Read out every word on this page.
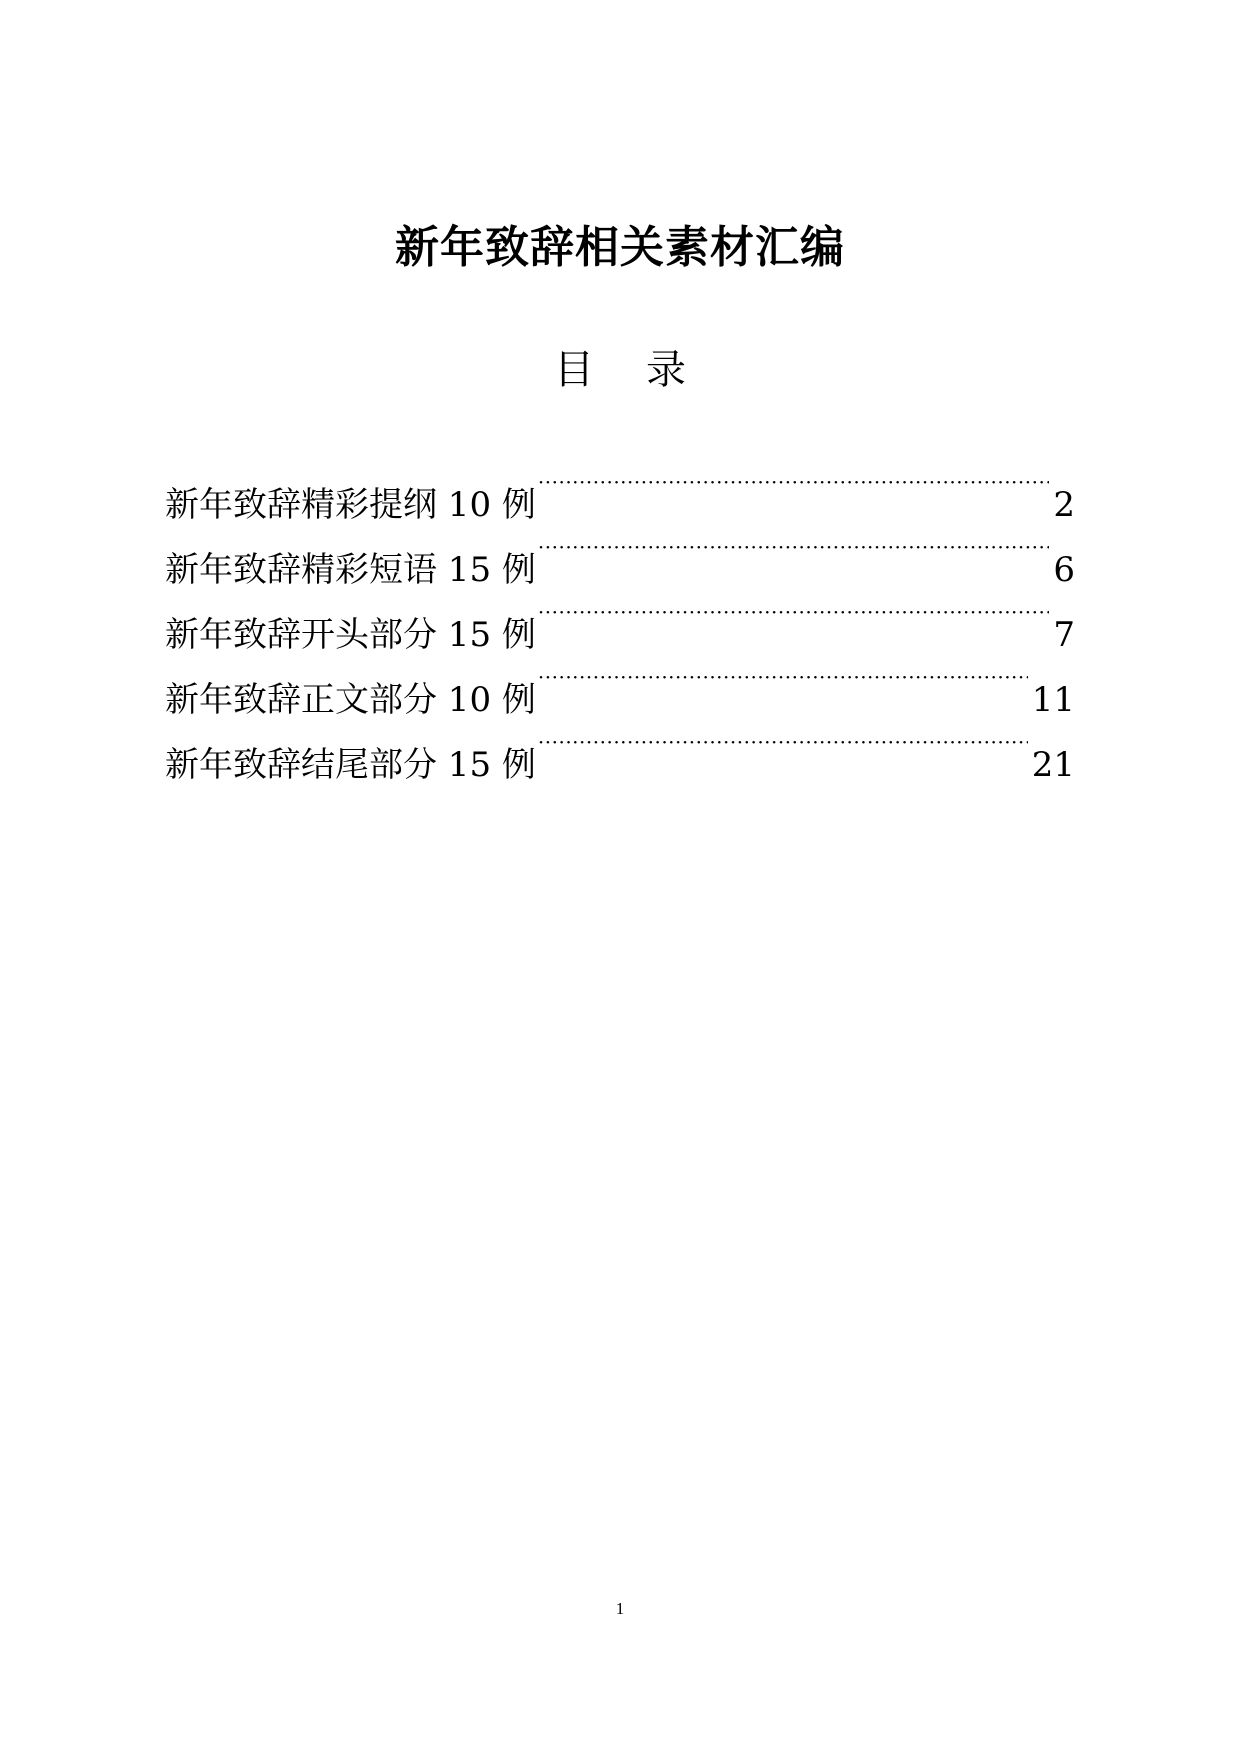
新年致辞相关素材汇编
目 录
新年致辞精彩提纲 10 例 ·····	2
新年致辞精彩短语 15 例 ·····	6
新年致辞开头部分 15 例 ·····	7
新年致辞正文部分 10 例 ·····	11
新年致辞结尾部分 15 例 ·····	21
1
